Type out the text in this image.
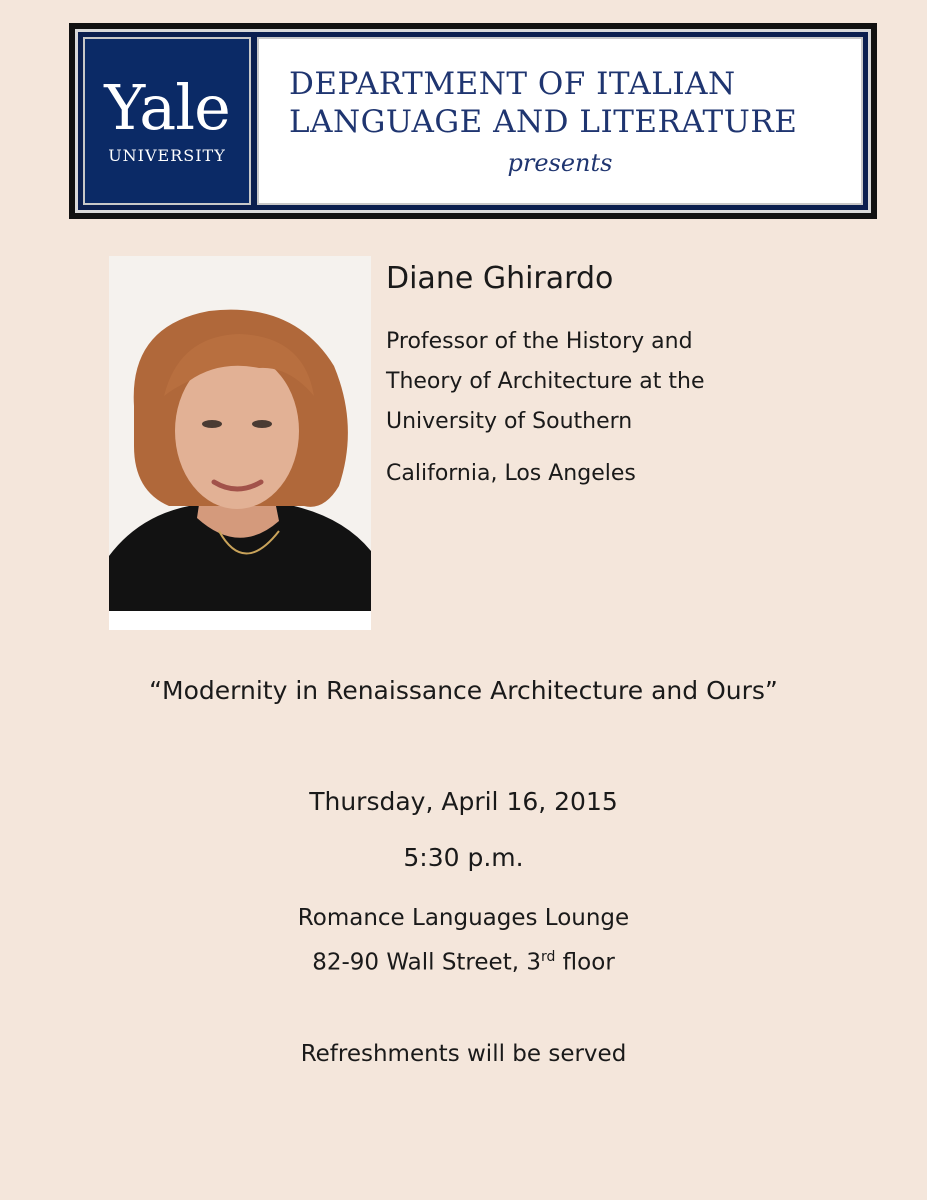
Yale
UNIVERSITY
DEPARTMENT OF ITALIAN
LANGUAGE AND LITERATURE
presents
Diane Ghirardo
Professor of the History and
Theory of Architecture at the
University of Southern
California, Los Angeles
“Modernity in Renaissance Architecture and Ours”
Thursday, April 16, 2015
5:30 p.m.
Romance Languages Lounge
82-90 Wall Street, 3rd floor
Refreshments will be served
